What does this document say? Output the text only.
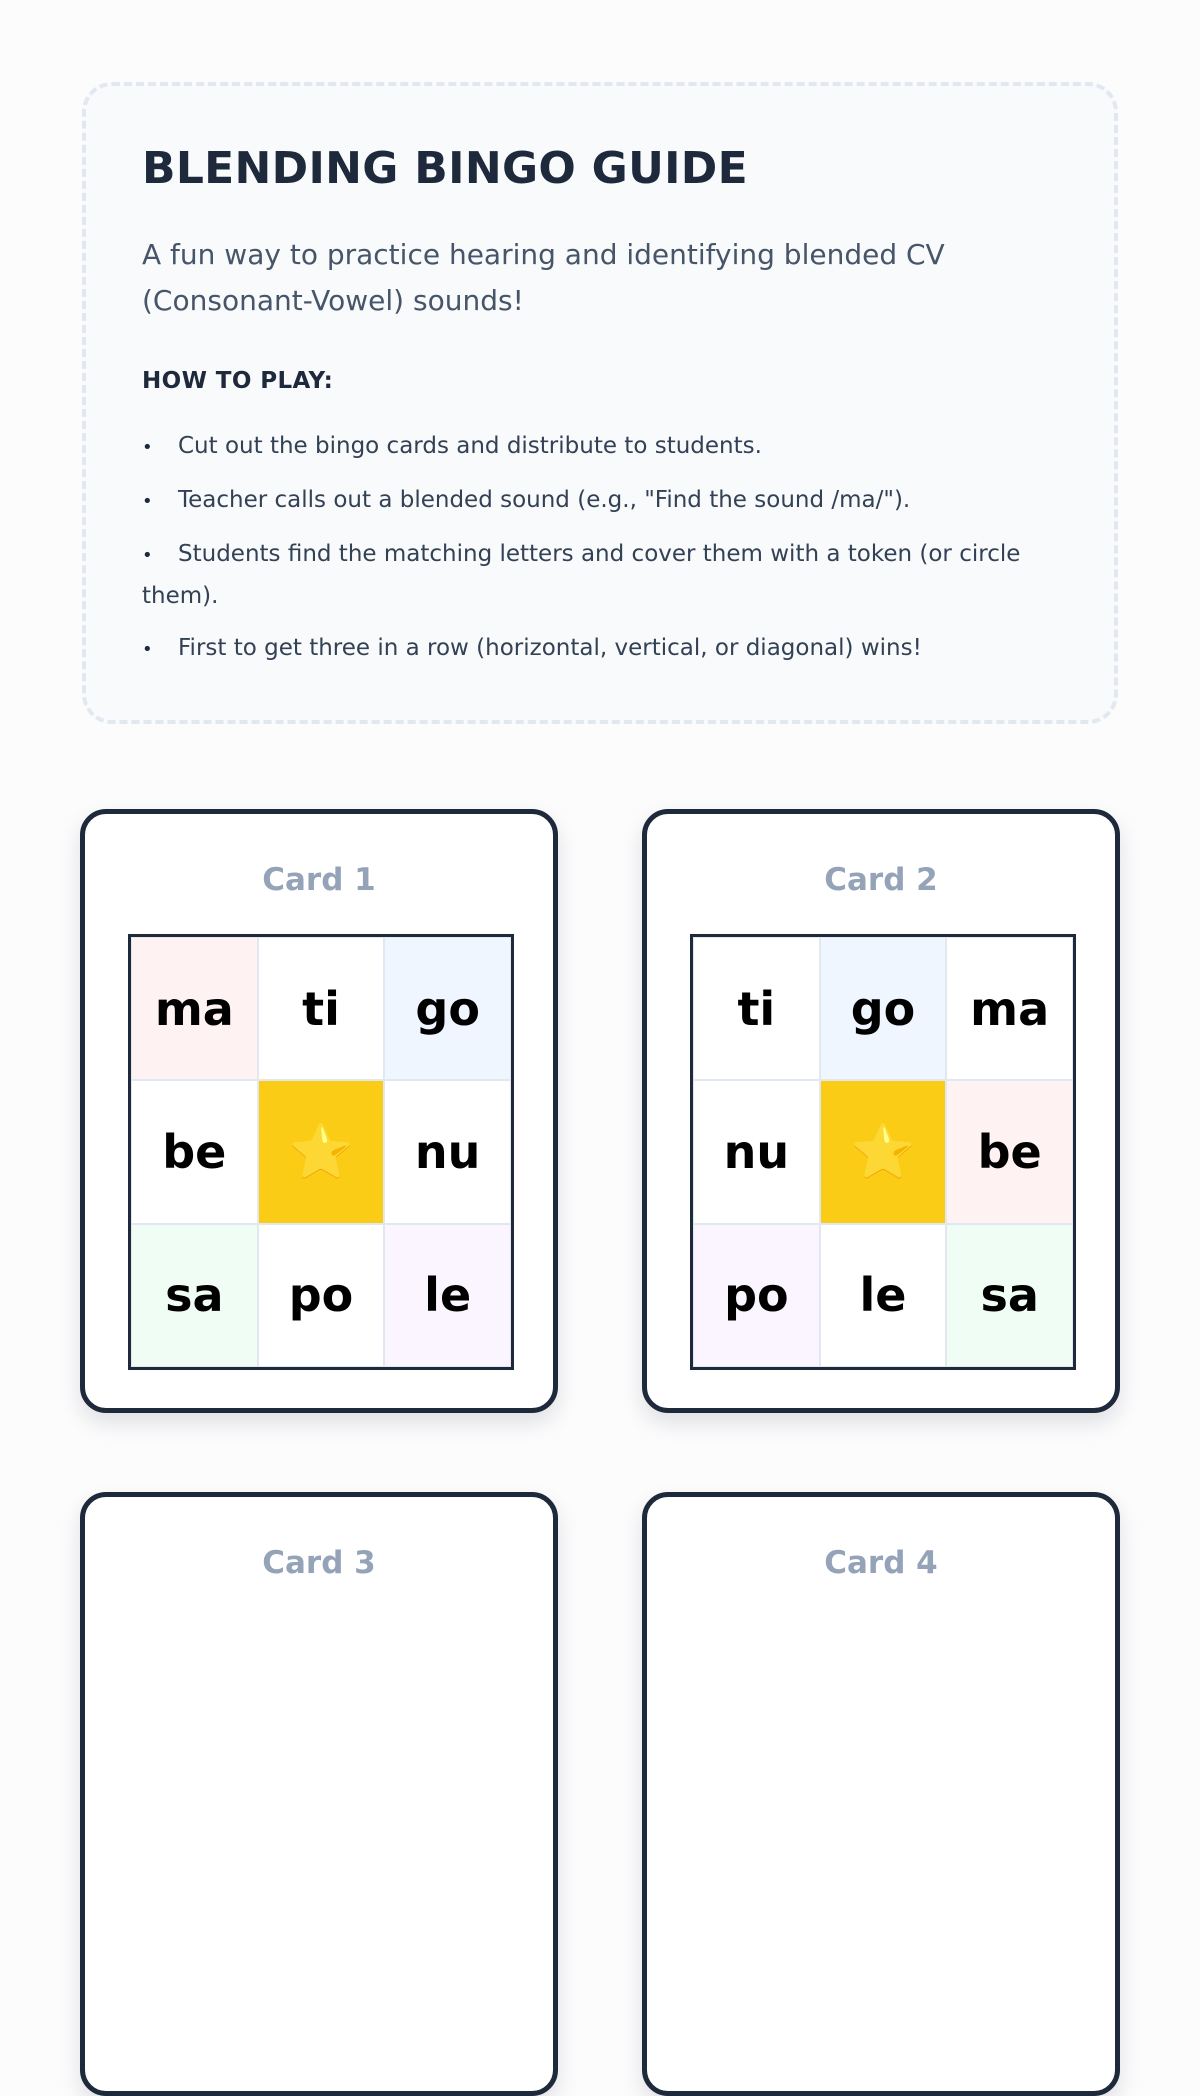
BLENDING BINGO GUIDE

A fun way to practice hearing and identifying blended CV (Consonant-Vowel) sounds!

HOW TO PLAY:
• Cut out the bingo cards and distribute to students.
• Teacher calls out a blended sound (e.g., "Find the sound /ma/").
• Students find the matching letters and cover them with a token (or circle them).
• First to get three in a row (horizontal, vertical, or diagonal) wins!
Card 1
ma	ti	go
be	⭐	nu
sa	po	le
Card 2
ti	go	ma
nu	⭐	be
po	le	sa
Card 3	Card 4
